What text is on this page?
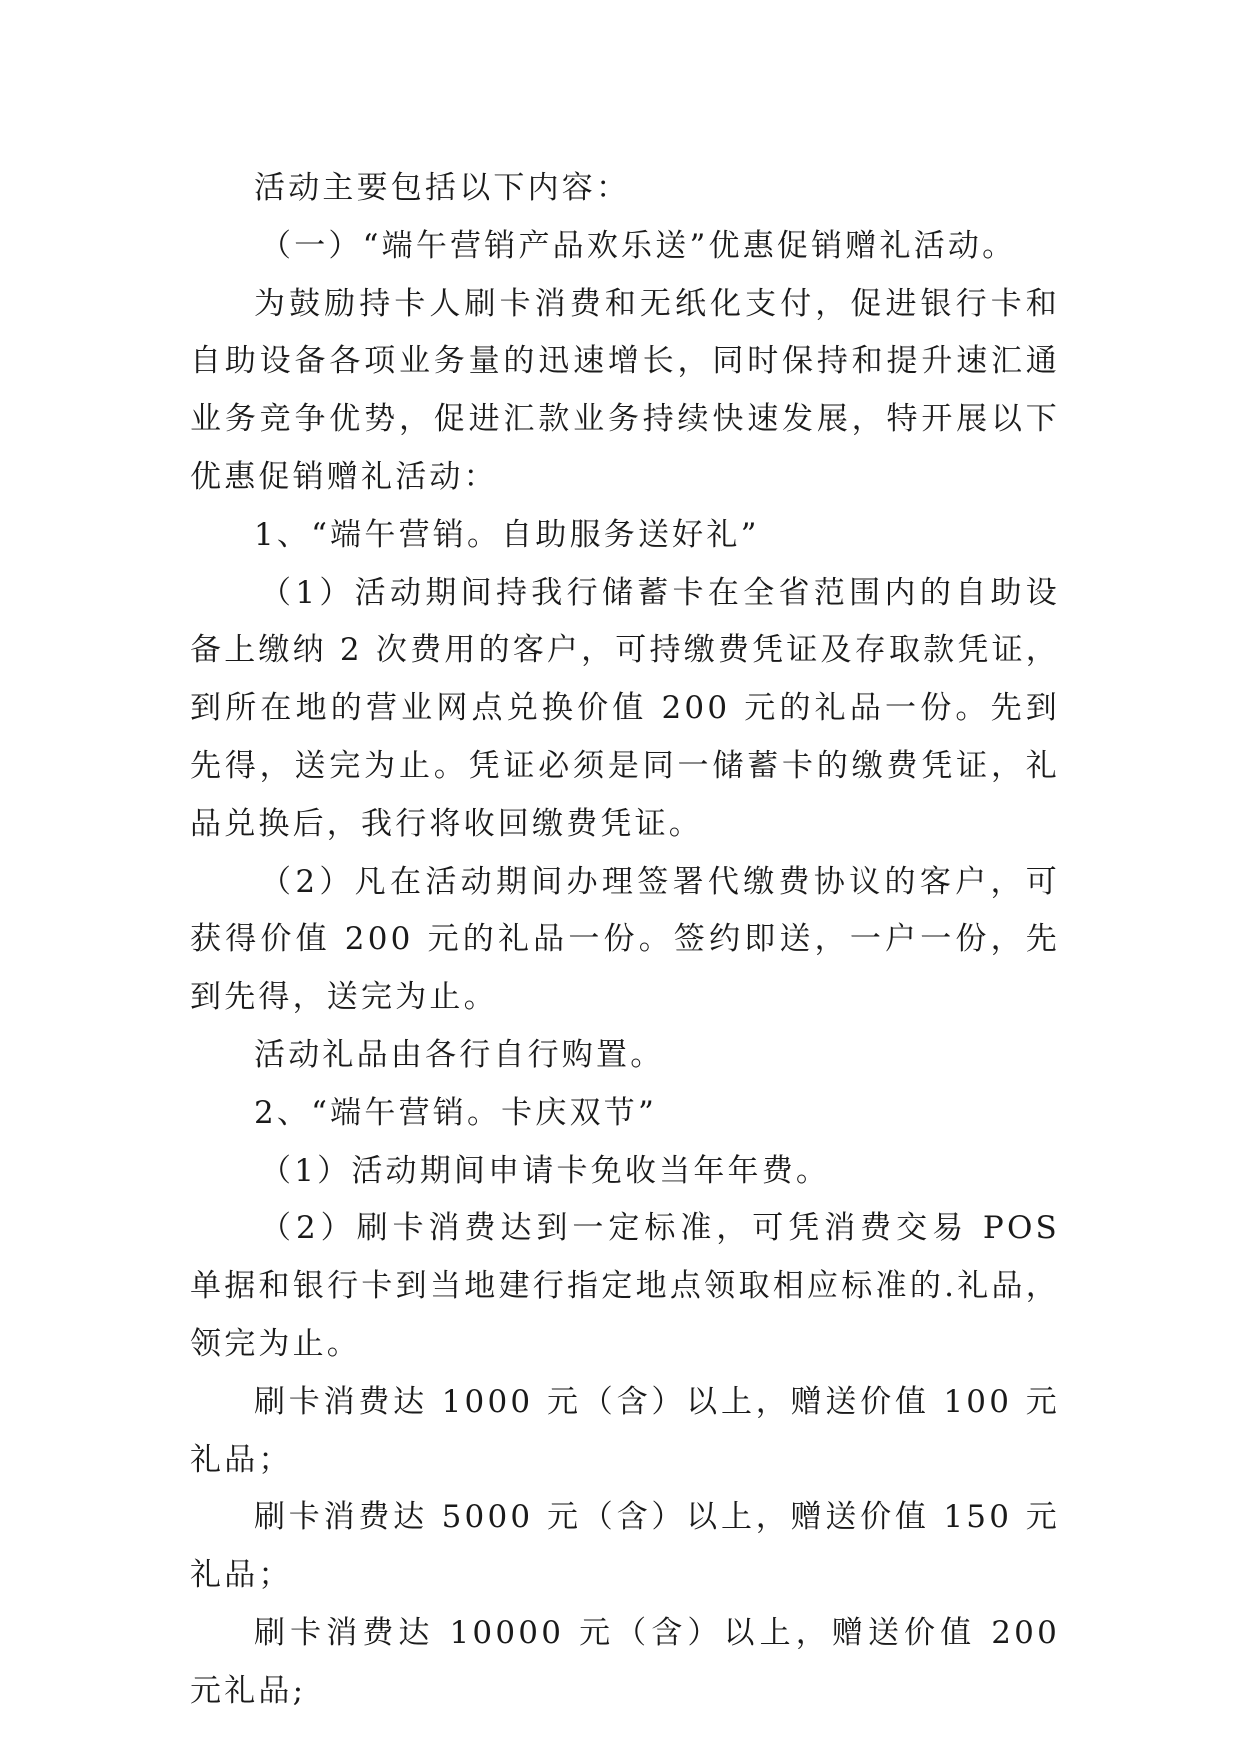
活动主要包括以下内容：

（一）“端午营销产品欢乐送”优惠促销赠礼活动。

为鼓励持卡人刷卡消费和无纸化支付，促进银行卡和自助设备各项业务量的迅速增长，同时保持和提升速汇通业务竞争优势，促进汇款业务持续快速发展，特开展以下优惠促销赠礼活动：

1、“端午营销。自助服务送好礼”

（1）活动期间持我行储蓄卡在全省范围内的自助设备上缴纳 2 次费用的客户，可持缴费凭证及存取款凭证，到所在地的营业网点兑换价值 200 元的礼品一份。先到先得，送完为止。凭证必须是同一储蓄卡的缴费凭证，礼品兑换后，我行将收回缴费凭证。

（2）凡在活动期间办理签署代缴费协议的客户，可获得价值 200 元的礼品一份。签约即送，一户一份，先到先得，送完为止。

活动礼品由各行自行购置。

2、“端午营销。卡庆双节”

（1）活动期间申请卡免收当年年费。

（2）刷卡消费达到一定标准，可凭消费交易 POS 单据和银行卡到当地建行指定地点领取相应标准的.礼品，领完为止。

刷卡消费达 1000 元（含）以上，赠送价值 100 元礼品；

刷卡消费达 5000 元（含）以上，赠送价值 150 元礼品；

刷卡消费达 10000 元（含）以上，赠送价值 200 元礼品;
